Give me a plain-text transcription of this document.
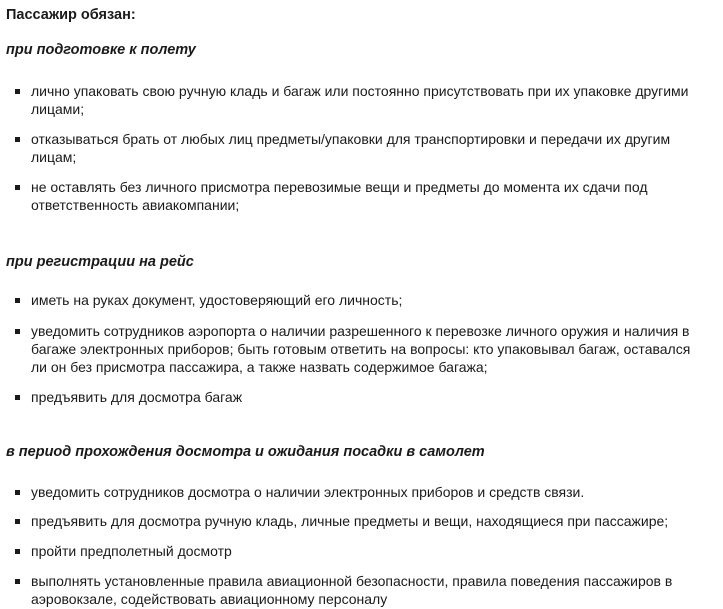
Пассажир обязан:
при подготовке к полету
лично упаковать свою ручную кладь и багаж или постоянно присутствовать при их упаковке другими лицами;
отказываться брать от любых лиц предметы/упаковки для транспортировки и передачи их другим лицам;
не оставлять без личного присмотра перевозимые вещи и предметы до момента их сдачи под ответственность авиакомпании;
при регистрации на рейс
иметь на руках документ, удостоверяющий его личность;
уведомить сотрудников аэропорта о наличии разрешенного к перевозке личного оружия и наличия в багаже электронных приборов; быть готовым ответить на вопросы: кто упаковывал багаж, оставался ли он без присмотра пассажира, а также назвать содержимое багажа;
предъявить для досмотра багаж
в период прохождения досмотра и ожидания посадки в самолет
уведомить сотрудников досмотра о наличии электронных приборов и средств связи.
предъявить для досмотра ручную кладь, личные предметы и вещи, находящиеся при пассажире;
пройти предполетный досмотр
выполнять установленные правила авиационной безопасности, правила поведения пассажиров в аэровокзале, содействовать авиационному персоналу
